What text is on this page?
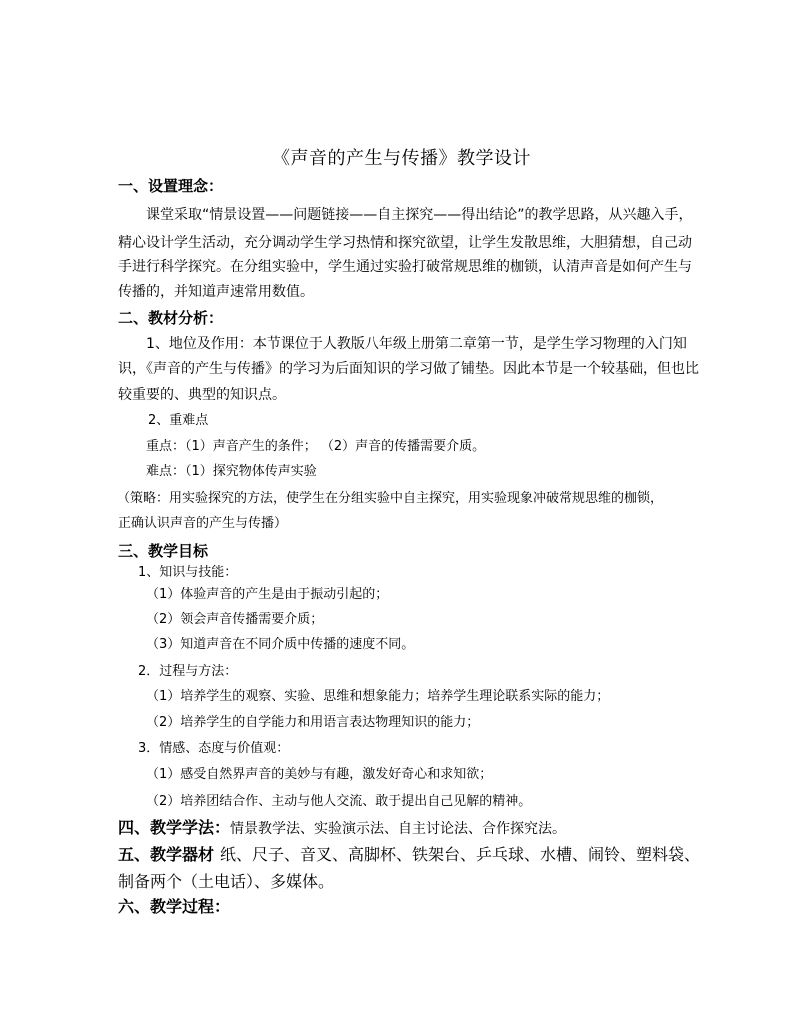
《声音的产生与传播》教学设计
一、设置理念：
课堂采取“情景设置——问题链接——自主探究——得出结论”的教学思路，从兴趣入手，
精心设计学生活动，充分调动学生学习热情和探究欲望，让学生发散思维，大胆猜想，自己动
手进行科学探究。在分组实验中，学生通过实验打破常规思维的枷锁，认清声音是如何产生与
传播的，并知道声速常用数值。
二、教材分析：
1、地位及作用：本节课位于人教版八年级上册第二章第一节，是学生学习物理的入门知
识，《声音的产生与传播》的学习为后面知识的学习做了铺垫。因此本节是一个较基础，但也比
较重要的、典型的知识点。
2、重难点
重点：（1）声音产生的条件； （2）声音的传播需要介质。
难点：（1）探究物体传声实验
（策略：用实验探究的方法，使学生在分组实验中自主探究，用实验现象冲破常规思维的枷锁，
正确认识声音的产生与传播）
三、教学目标
1、知识与技能：
（1）体验声音的产生是由于振动引起的；
（2）领会声音传播需要介质；
（3）知道声音在不同介质中传播的速度不同。
2．过程与方法：
（1）培养学生的观察、实验、思维和想象能力；培养学生理论联系实际的能力；
（2）培养学生的自学能力和用语言表达物理知识的能力；
3．情感、态度与价值观：
（1）感受自然界声音的美妙与有趣，激发好奇心和求知欲；
（2）培养团结合作、主动与他人交流、敢于提出自己见解的精神。
四、教学学法：情景教学法、实验演示法、自主讨论法、合作探究法。
五、教学器材 纸、尺子、音叉、高脚杯、铁架台、乒乓球、水槽、闹铃、塑料袋、
制备两个（土电话）、多媒体。
六、教学过程：
